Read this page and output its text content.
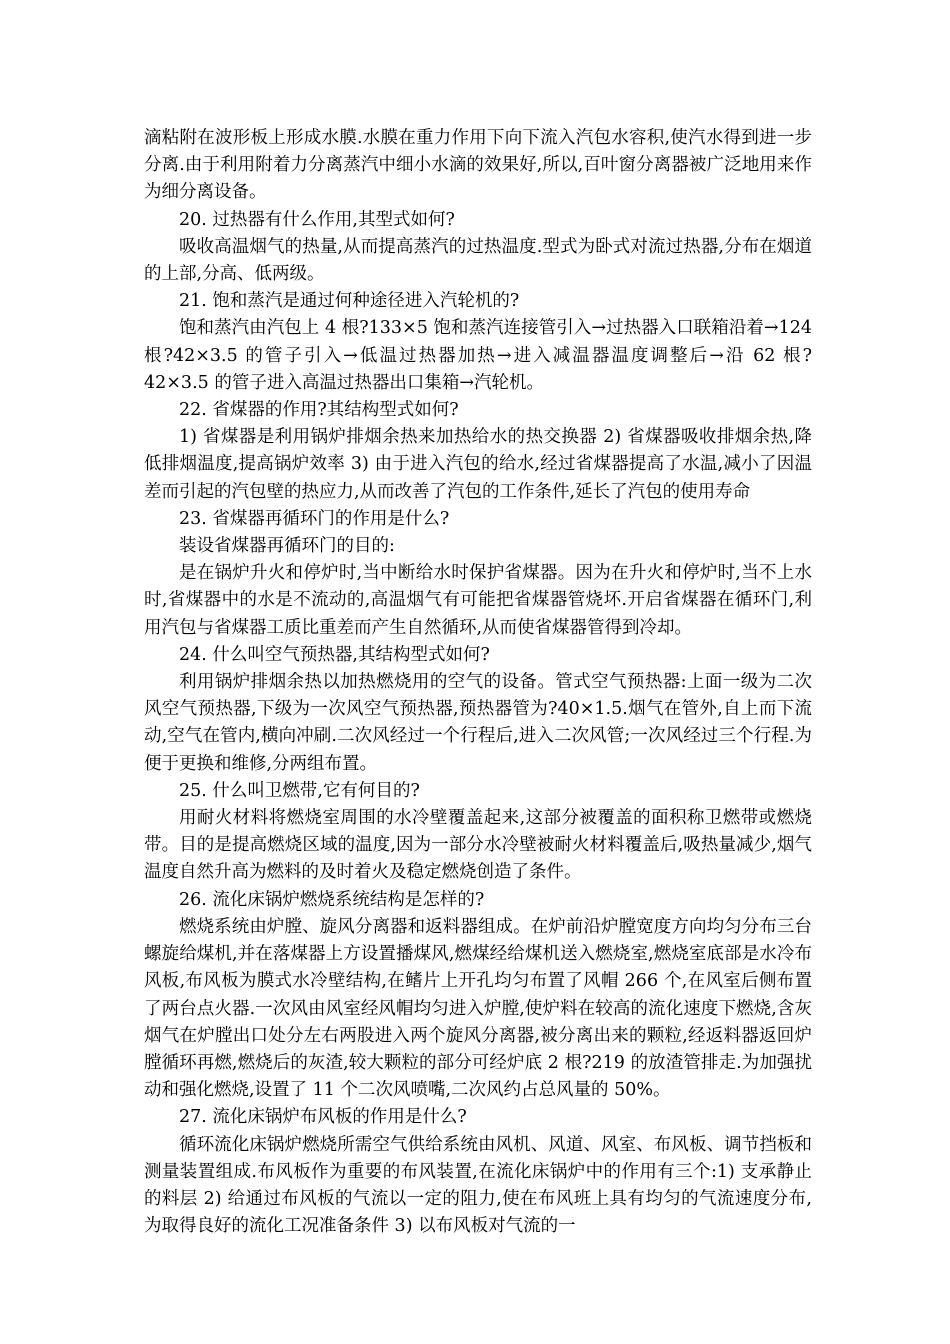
滴粘附在波形板上形成水膜.水膜在重力作用下向下流入汽包水容积,使汽水得到进一步分离.由于利用附着力分离蒸汽中细小水滴的效果好,所以,百叶窗分离器被广泛地用来作为细分离设备。

20. 过热器有什么作用,其型式如何?

吸收高温烟气的热量,从而提高蒸汽的过热温度.型式为卧式对流过热器,分布在烟道的上部,分高、低两级。

21. 饱和蒸汽是通过何种途径进入汽轮机的?

饱和蒸汽由汽包上 4 根?133×5 饱和蒸汽连接管引入→过热器入口联箱沿着→124 根?42×3.5 的管子引入→低温过热器加热→进入减温器温度调整后→沿 62 根?42×3.5 的管子进入高温过热器出口集箱→汽轮机。

22. 省煤器的作用?其结构型式如何?

1) 省煤器是利用锅炉排烟余热来加热给水的热交换器 2) 省煤器吸收排烟余热,降低排烟温度,提高锅炉效率 3) 由于进入汽包的给水,经过省煤器提高了水温,减小了因温差而引起的汽包壁的热应力,从而改善了汽包的工作条件,延长了汽包的使用寿命

23. 省煤器再循环门的作用是什么?

装设省煤器再循环门的目的:

是在锅炉升火和停炉时,当中断给水时保护省煤器。因为在升火和停炉时,当不上水时,省煤器中的水是不流动的,高温烟气有可能把省煤器管烧坏.开启省煤器在循环门,利用汽包与省煤器工质比重差而产生自然循环,从而使省煤器管得到冷却。

24. 什么叫空气预热器,其结构型式如何?

利用锅炉排烟余热以加热燃烧用的空气的设备。管式空气预热器:上面一级为二次风空气预热器,下级为一次风空气预热器,预热器管为?40×1.5.烟气在管外,自上而下流动,空气在管内,横向冲刷.二次风经过一个行程后,进入二次风管;一次风经过三个行程.为便于更换和维修,分两组布置。

25. 什么叫卫燃带,它有何目的?

用耐火材料将燃烧室周围的水冷壁覆盖起来,这部分被覆盖的面积称卫燃带或燃烧带。目的是提高燃烧区域的温度,因为一部分水冷壁被耐火材料覆盖后,吸热量减少,烟气温度自然升高为燃料的及时着火及稳定燃烧创造了条件。

26. 流化床锅炉燃烧系统结构是怎样的?

燃烧系统由炉膛、旋风分离器和返料器组成。在炉前沿炉膛宽度方向均匀分布三台螺旋给煤机,并在落煤器上方设置播煤风,燃煤经给煤机送入燃烧室,燃烧室底部是水冷布风板,布风板为膜式水冷壁结构,在鳍片上开孔均匀布置了风帽 266 个,在风室后侧布置了两台点火器.一次风由风室经风帽均匀进入炉膛,使炉料在较高的流化速度下燃烧,含灰烟气在炉膛出口处分左右两股进入两个旋风分离器,被分离出来的颗粒,经返料器返回炉膛循环再燃,燃烧后的灰渣,较大颗粒的部分可经炉底 2 根?219 的放渣管排走.为加强扰动和强化燃烧,设置了 11 个二次风喷嘴,二次风约占总风量的 50%。

27. 流化床锅炉布风板的作用是什么?

循环流化床锅炉燃烧所需空气供给系统由风机、风道、风室、布风板、调节挡板和测量装置组成.布风板作为重要的布风装置,在流化床锅炉中的作用有三个:1) 支承静止的料层 2) 给通过布风板的气流以一定的阻力,使在布风班上具有均匀的气流速度分布,为取得良好的流化工况准备条件 3) 以布风板对气流的一
